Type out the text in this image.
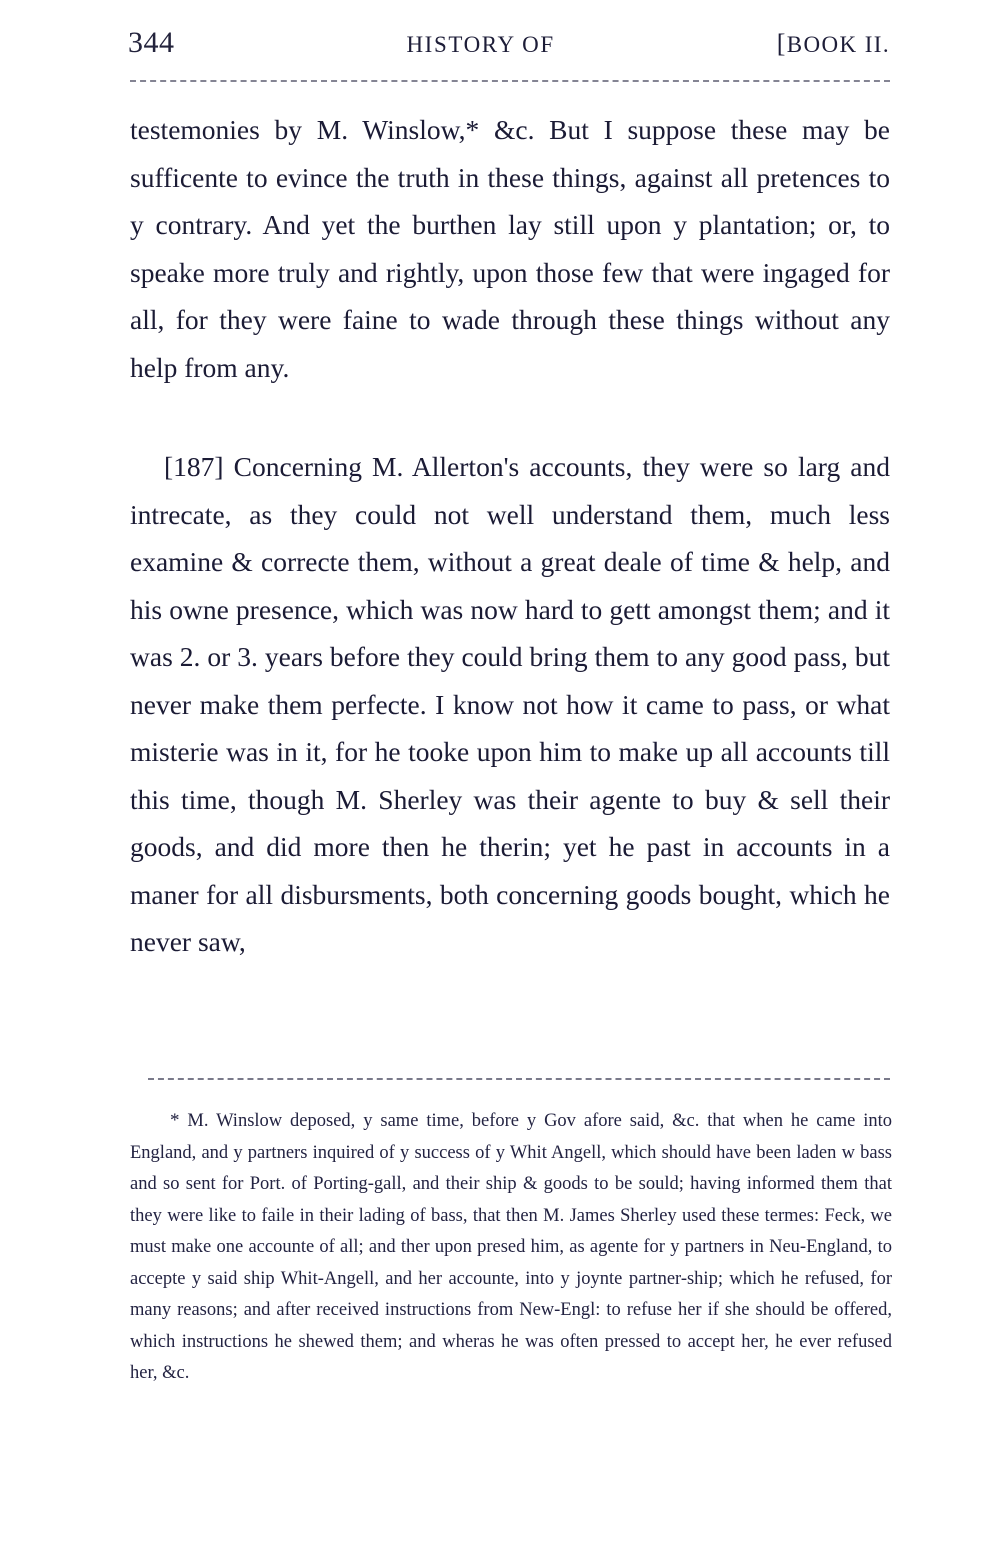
344	HISTORY OF	[BOOK II.

testemonies by M. Winslow,* &c. But I suppose these may be sufficente to evince the truth in these things, against all pretences to y contrary. And yet the burthen lay still upon y plantation; or, to speake more truly and rightly, upon those few that were ingaged for all, for they were faine to wade through these things without any help from any.

[187] Concerning M. Allerton's accounts, they were so larg and intrecate, as they could not well understand them, much less examine & correcte them, without a great deale of time & help, and his owne presence, which was now hard to gett amongst them; and it was 2. or 3. years before they could bring them to any good pass, but never make them perfecte. I know not how it came to pass, or what misterie was in it, for he tooke upon him to make up all accounts till this time, though M. Sherley was their agente to buy & sell their goods, and did more then he therin; yet he past in accounts in a maner for all disbursments, both concerning goods bought, which he never saw,

* M. Winslow deposed, y same time, before y Gov afore said, &c. that when he came into England, and y partners inquired of y success of y Whit Angell, which should have been laden w bass and so sent for Port. of Porting-gall, and their ship & goods to be sould; having informed them that they were like to faile in their lading of bass, that then M. James Sherley used these termes: Feck, we must make one accounte of all; and ther upon presed him, as agente for y partners in Neu-England, to accepte y said ship Whit-Angell, and her accounte, into y joynte partner-ship; which he refused, for many reasons; and after received instructions from New-Engl: to refuse her if she should be offered, which instructions he shewed them; and wheras he was often pressed to accept her, he ever refused her, &c.
